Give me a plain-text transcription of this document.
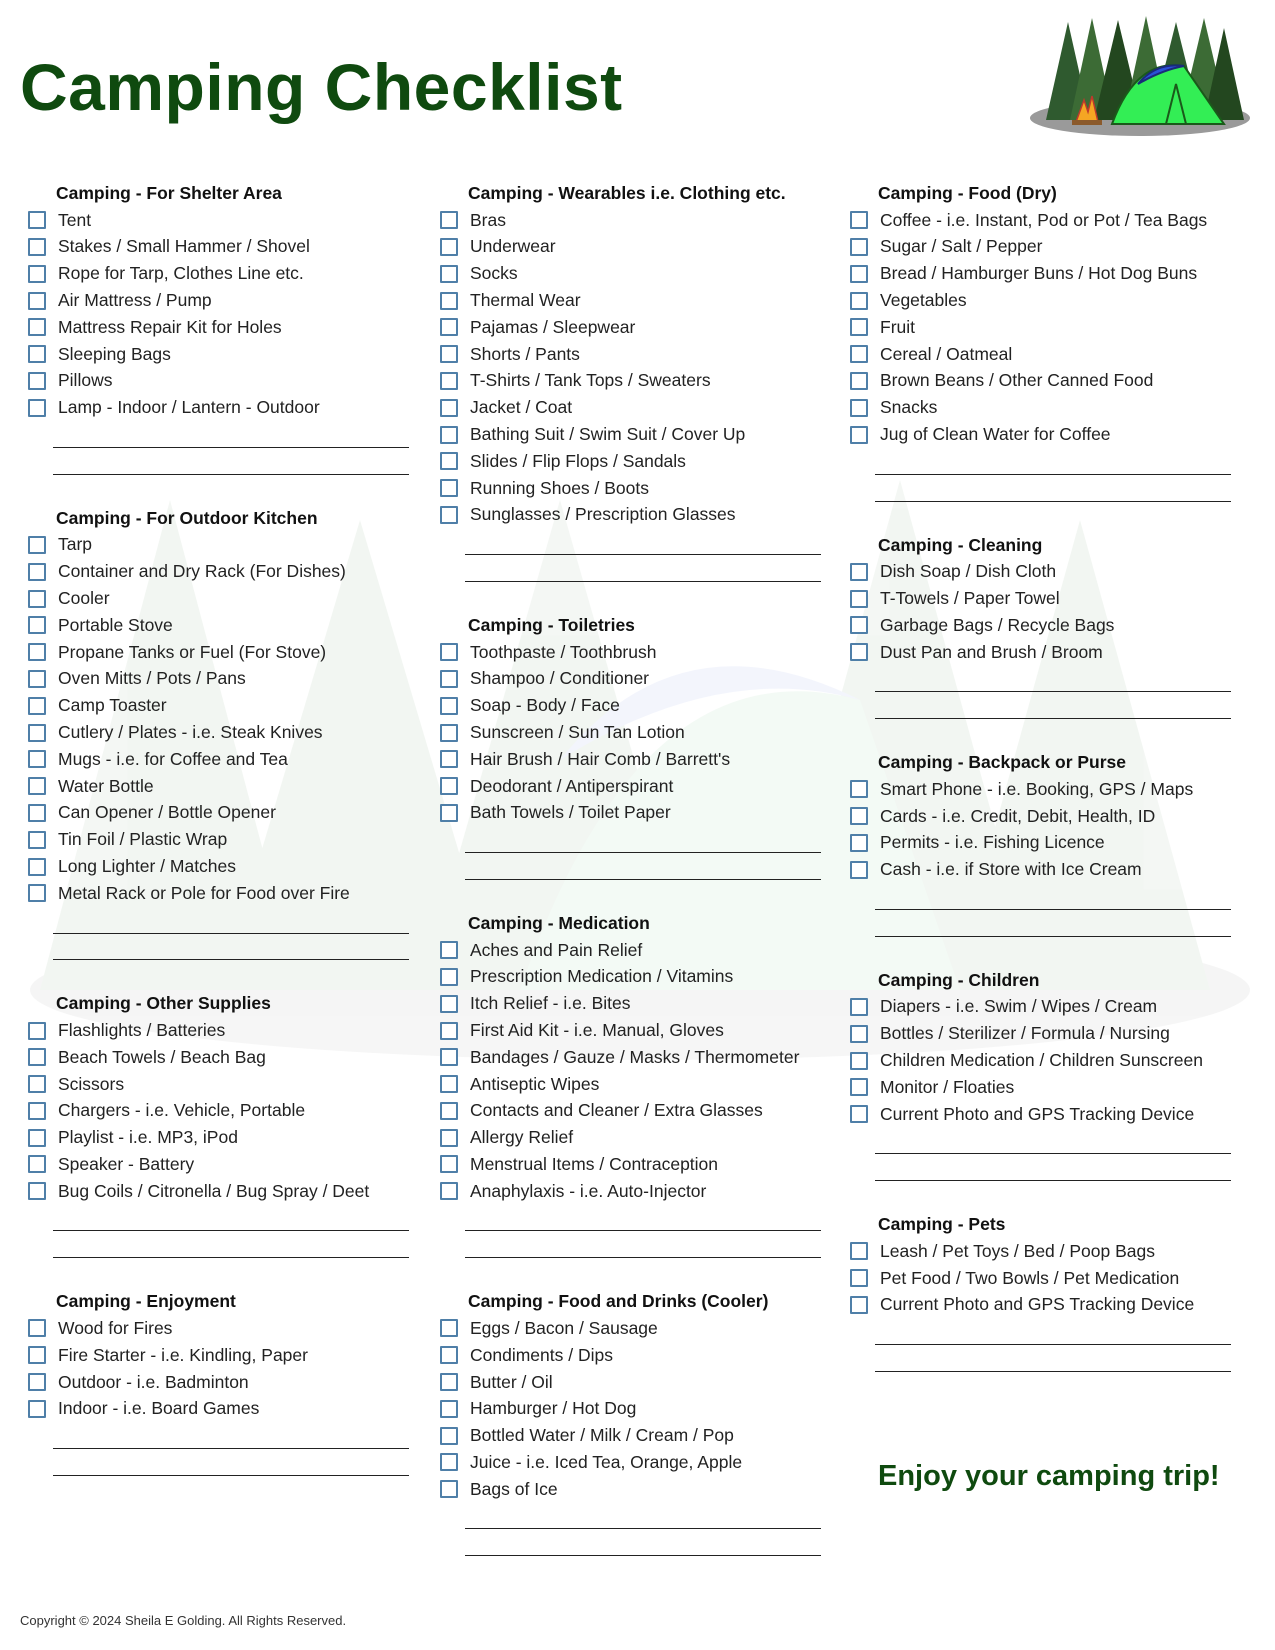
Camping Checklist
Camping - For Shelter Area
Tent
Stakes / Small Hammer / Shovel
Rope for Tarp, Clothes Line etc.
Air Mattress / Pump
Mattress Repair Kit for Holes
Sleeping Bags
Pillows
Lamp - Indoor / Lantern - Outdoor
Camping - For Outdoor Kitchen
Tarp
Container and Dry Rack (For Dishes)
Cooler
Portable Stove
Propane Tanks or Fuel (For Stove)
Oven Mitts / Pots / Pans
Camp Toaster
Cutlery / Plates - i.e. Steak Knives
Mugs - i.e. for Coffee and Tea
Water Bottle
Can Opener / Bottle Opener
Tin Foil / Plastic Wrap
Long Lighter / Matches
Metal Rack or Pole for Food over Fire
Camping - Other Supplies
Flashlights / Batteries
Beach Towels / Beach Bag
Scissors
Chargers - i.e. Vehicle, Portable
Playlist - i.e. MP3, iPod
Speaker - Battery
Bug Coils / Citronella / Bug Spray / Deet
Camping - Enjoyment
Wood for Fires
Fire Starter - i.e. Kindling, Paper
Outdoor - i.e. Badminton
Indoor - i.e. Board Games
Camping - Wearables i.e. Clothing etc.
Bras
Underwear
Socks
Thermal Wear
Pajamas / Sleepwear
Shorts / Pants
T-Shirts / Tank Tops / Sweaters
Jacket / Coat
Bathing Suit / Swim Suit / Cover Up
Slides / Flip Flops / Sandals
Running Shoes / Boots
Sunglasses / Prescription Glasses
Camping - Toiletries
Toothpaste / Toothbrush
Shampoo / Conditioner
Soap - Body / Face
Sunscreen / Sun Tan Lotion
Hair Brush / Hair Comb / Barrett's
Deodorant / Antiperspirant
Bath Towels / Toilet Paper
Camping - Medication
Aches and Pain Relief
Prescription Medication / Vitamins
Itch Relief - i.e. Bites
First Aid Kit - i.e. Manual, Gloves
Bandages / Gauze / Masks / Thermometer
Antiseptic Wipes
Contacts and Cleaner / Extra Glasses
Allergy Relief
Menstrual Items / Contraception
Anaphylaxis - i.e. Auto-Injector
Camping - Food and Drinks (Cooler)
Eggs / Bacon / Sausage
Condiments / Dips
Butter / Oil
Hamburger / Hot Dog
Bottled Water / Milk / Cream / Pop
Juice - i.e. Iced Tea, Orange, Apple
Bags of Ice
Camping - Food (Dry)
Coffee - i.e. Instant, Pod or Pot / Tea Bags
Sugar / Salt / Pepper
Bread / Hamburger Buns / Hot Dog Buns
Vegetables
Fruit
Cereal / Oatmeal
Brown Beans / Other Canned Food
Snacks
Jug of Clean Water for Coffee
Camping - Cleaning
Dish Soap / Dish Cloth
T-Towels / Paper Towel
Garbage Bags / Recycle Bags
Dust Pan and Brush / Broom
Camping - Backpack or Purse
Smart Phone - i.e. Booking, GPS / Maps
Cards - i.e. Credit, Debit, Health, ID
Permits - i.e. Fishing Licence
Cash - i.e. if Store with Ice Cream
Camping - Children
Diapers - i.e. Swim / Wipes / Cream
Bottles / Sterilizer / Formula / Nursing
Children Medication / Children Sunscreen
Monitor / Floaties
Current Photo and GPS Tracking Device
Camping - Pets
Leash / Pet Toys / Bed / Poop Bags
Pet Food / Two Bowls / Pet Medication
Current Photo and GPS Tracking Device
Enjoy your camping trip!
Copyright © 2024 Sheila E Golding. All Rights Reserved.
